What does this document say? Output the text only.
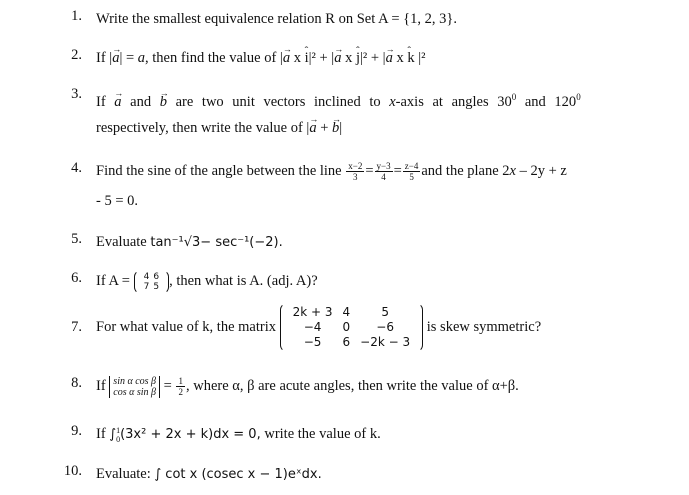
1. Write the smallest equivalence relation R on Set A = {1, 2, 3}.
2. If |a →| = a, then find the value of |a → x i ˆ|² + |a → x j ˆ|² + |a → x k ˆ |²
3. If a → and b → are two unit vectors inclined to x-axis at angles $30^0$ and $120^0$
respectively, then write the value of |a → + b →|
4. Find the sine of the angle between the line $\frac{x-2}{3} = \frac{y-3}{4} = \frac{z-4}{5}$ and the plane 2x – 2y + z
- 5 = 0.
5. Evaluate tan⁻¹√3− sec⁻¹(−2).
6. If A = 4	6
7	5 , then what is A. (adj. A)?
7. For what value of k, the matrix
2k + 3	4	5
−4	0	−6
−5	6	−2k − 3
is skew symmetric?
8. If sin α cos β
cos α $\sin \beta = \frac{1}{2}$ , where α, β are acute angles, then write the value of α+β.
9. If ∫ 1
0 (3x² + 2x + k)dx = 0, write the value of k.
10. Evaluate: ∫ cot x (cosec x − 1)eˣdx.
